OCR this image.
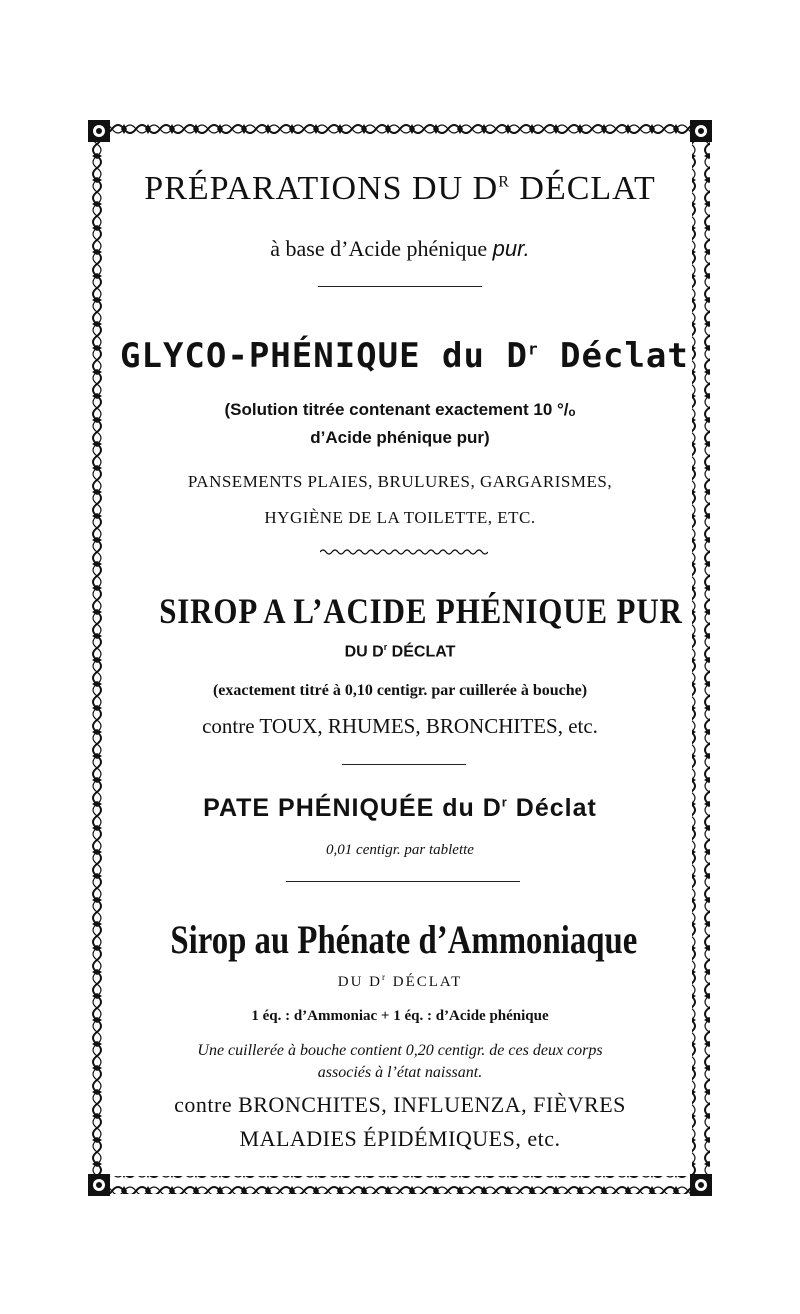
PRÉPARATIONS DU $D^R$ DÉCLAT
à base d’Acide phénique pur.
GLYCO-PHÉNIQUE du $D^r$ Déclat
(Solution titrée contenant exactement 10 °/ₒ
d’Acide phénique pur)
PANSEMENTS PLAIES, BRULURES, GARGARISMES,
HYGIÈNE DE LA TOILETTE, ETC.
SIROP A L’ACIDE PHÉNIQUE PUR
DU $D^r$ DÉCLAT
(exactement titré à 0,10 centigr. par cuillerée à bouche)
contre TOUX, RHUMES, BRONCHITES, etc.
PATE PHÉNIQUÉE du $D^r$ Déclat
0,01 centigr. par tablette
Sirop au Phénate d’Ammoniaque
DU $D^r$ DÉCLAT
1 éq. : d’Ammoniac + 1 éq. : d’Acide phénique
Une cuillerée à bouche contient 0,20 centigr. de ces deux corps
associés à l’état naissant.
contre BRONCHITES, INFLUENZA, FIÈVRES
MALADIES ÉPIDÉMIQUES, etc.
